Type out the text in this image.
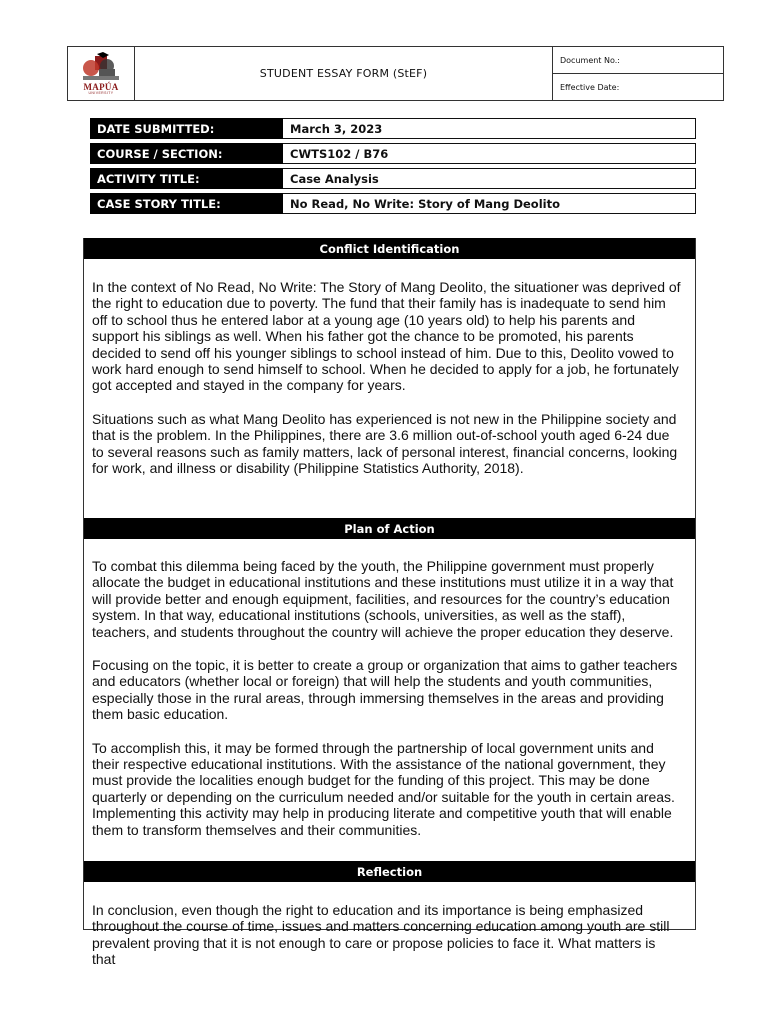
MAPÚA
UNIVERSITY
STUDENT ESSAY FORM (StEF)
Document No.:
Effective Date:
DATE SUBMITTED:	March 3, 2023
COURSE / SECTION:	CWTS102 / B76
ACTIVITY TITLE:	Case Analysis
CASE STORY TITLE:	No Read, No Write: Story of Mang Deolito
Conflict Identification

In the context of No Read, No Write: The Story of Mang Deolito, the situationer was deprived of the right to education due to poverty. The fund that their family has is inadequate to send him off to school thus he entered labor at a young age (10 years old) to help his parents and support his siblings as well. When his father got the chance to be promoted, his parents decided to send off his younger siblings to school instead of him. Due to this, Deolito vowed to work hard enough to send himself to school. When he decided to apply for a job, he fortunately got accepted and stayed in the company for years.

Situations such as what Mang Deolito has experienced is not new in the Philippine society and that is the problem. In the Philippines, there are 3.6 million out-of-school youth aged 6-24 due to several reasons such as family matters, lack of personal interest, financial concerns, looking for work, and illness or disability (Philippine Statistics Authority, 2018).

Plan of Action

To combat this dilemma being faced by the youth, the Philippine government must properly allocate the budget in educational institutions and these institutions must utilize it in a way that will provide better and enough equipment, facilities, and resources for the country’s education system. In that way, educational institutions (schools, universities, as well as the staff), teachers, and students throughout the country will achieve the proper education they deserve.

Focusing on the topic, it is better to create a group or organization that aims to gather teachers and educators (whether local or foreign) that will help the students and youth communities, especially those in the rural areas, through immersing themselves in the areas and providing them basic education.

To accomplish this, it may be formed through the partnership of local government units and their respective educational institutions. With the assistance of the national government, they must provide the localities enough budget for the funding of this project. This may be done quarterly or depending on the curriculum needed and/or suitable for the youth in certain areas. Implementing this activity may help in producing literate and competitive youth that will enable them to transform themselves and their communities.

Reflection

In conclusion, even though the right to education and its importance is being emphasized throughout the course of time, issues and matters concerning education among youth are still prevalent proving that it is not enough to care or propose policies to face it. What matters is that
